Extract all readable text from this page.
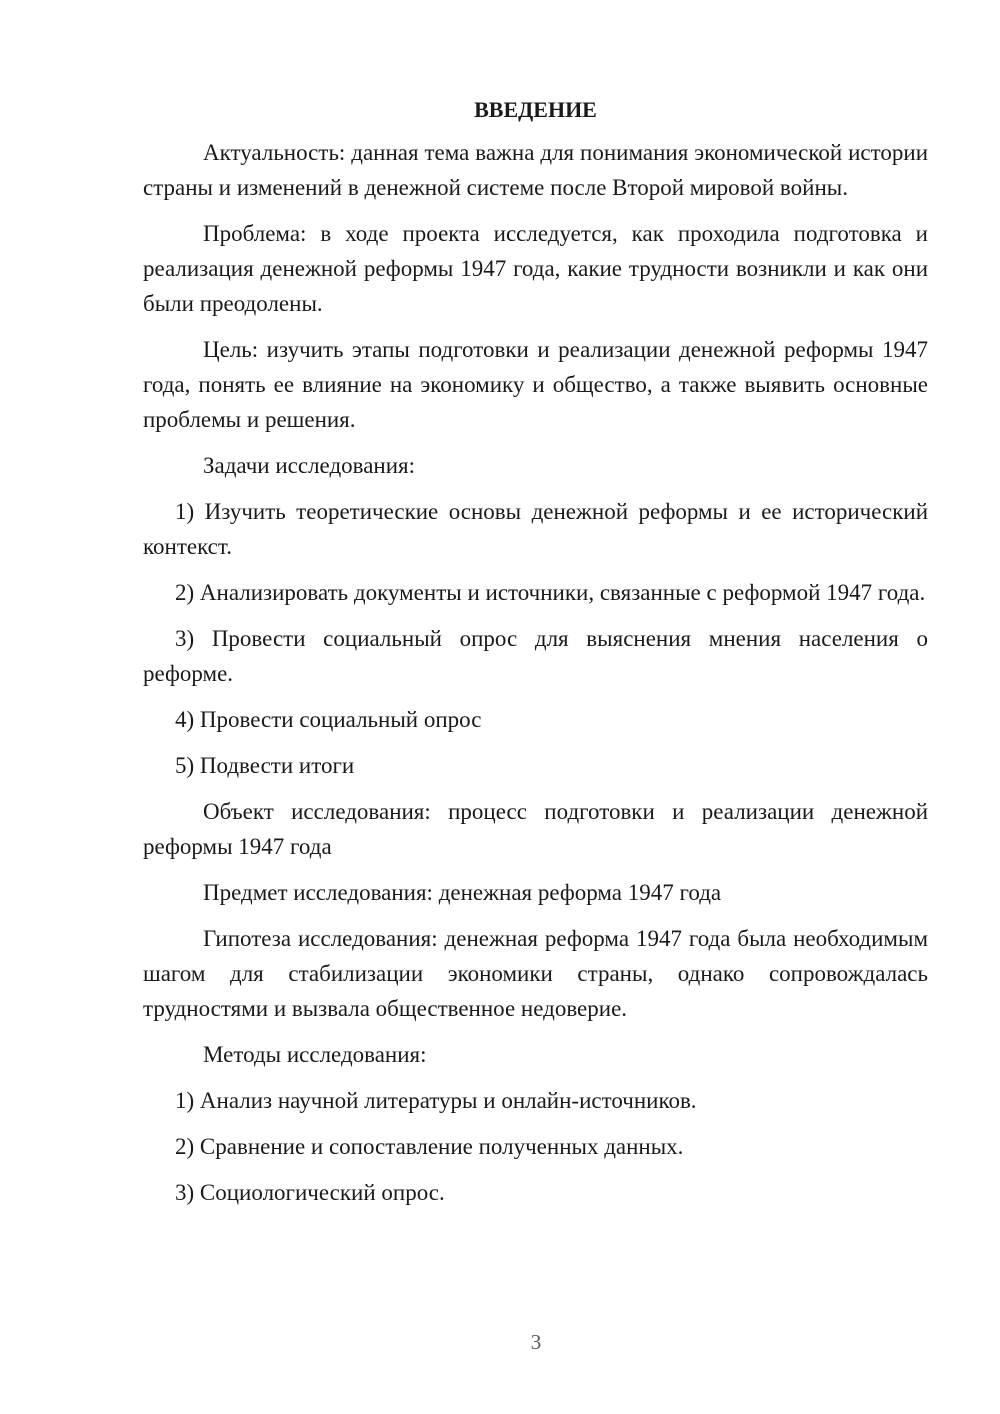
ВВЕДЕНИЕ

Актуальность: данная тема важна для понимания экономической истории страны и изменений в денежной системе после Второй мировой войны.

Проблема: в ходе проекта исследуется, как проходила подготовка и реализация денежной реформы 1947 года, какие трудности возникли и как они были преодолены.

Цель: изучить этапы подготовки и реализации денежной реформы 1947 года, понять ее влияние на экономику и общество, а также выявить основные проблемы и решения.

Задачи исследования:

1) Изучить теоретические основы денежной реформы и ее исторический контекст.

2) Анализировать документы и источники, связанные с реформой 1947 года.

3) Провести социальный опрос для выяснения мнения населения о реформе.

4) Провести социальный опрос

5) Подвести итоги

Объект исследования: процесс подготовки и реализации денежной реформы 1947 года

Предмет исследования: денежная реформа 1947 года

Гипотеза исследования: денежная реформа 1947 года была необходимым шагом для стабилизации экономики страны, однако сопровождалась трудностями и вызвала общественное недоверие.

Методы исследования:

1) Анализ научной литературы и онлайн-источников.

2) Сравнение и сопоставление полученных данных.

3) Социологический опрос.

3
